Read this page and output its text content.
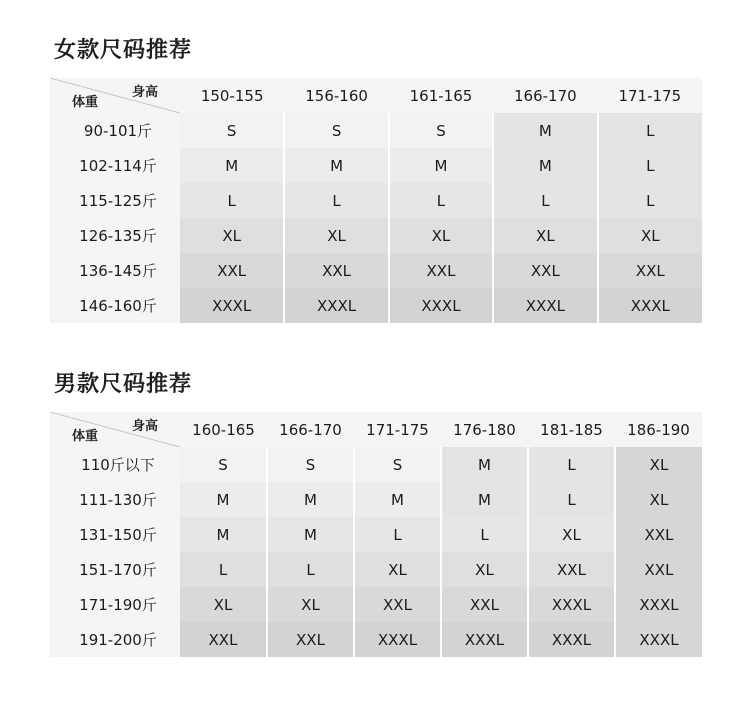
女款尺码推荐
身高
体重	150-155	156-160	161-165	166-170	171-175
90-101斤	S	S	S	M	L
102-114斤	M	M	M	M	L
115-125斤	L	L	L	L	L
126-135斤	XL	XL	XL	XL	XL
136-145斤	XXL	XXL	XXL	XXL	XXL
146-160斤	XXXL	XXXL	XXXL	XXXL	XXXL
男款尺码推荐
身高
体重	160-165	166-170	171-175	176-180	181-185	186-190
110斤以下	S	S	S	M	L	XL
111-130斤	M	M	M	M	L	XL
131-150斤	M	M	L	L	XL	XXL
151-170斤	L	L	XL	XL	XXL	XXL
171-190斤	XL	XL	XXL	XXL	XXXL	XXXL
191-200斤	XXL	XXL	XXXL	XXXL	XXXL	XXXL
